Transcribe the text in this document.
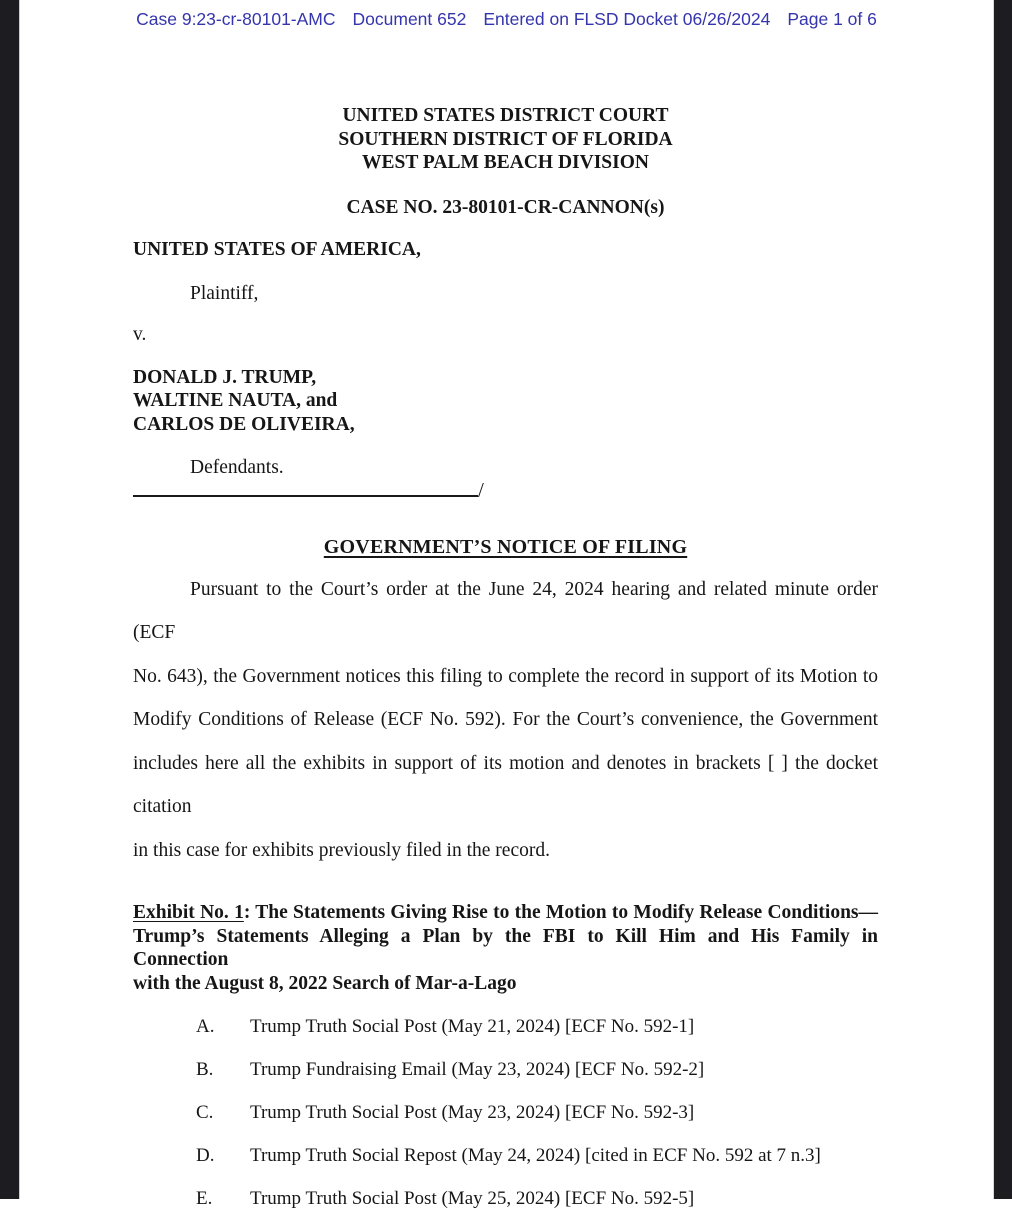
Case 9:23-cr-80101-AMC Document 652 Entered on FLSD Docket 06/26/2024 Page 1 of 6
UNITED STATES DISTRICT COURT
SOUTHERN DISTRICT OF FLORIDA
WEST PALM BEACH DIVISION
CASE NO. 23-80101-CR-CANNON(s)
UNITED STATES OF AMERICA,
Plaintiff,
v.
DONALD J. TRUMP,
WALTINE NAUTA, and
CARLOS DE OLIVEIRA,
Defendants.
/
GOVERNMENT’S NOTICE OF FILING
Pursuant to the Court’s order at the June 24, 2024 hearing and related minute order (ECF
No. 643), the Government notices this filing to complete the record in support of its Motion to
Modify Conditions of Release (ECF No. 592). For the Court’s convenience, the Government
includes here all the exhibits in support of its motion and denotes in brackets [ ] the docket citation
in this case for exhibits previously filed in the record.
Exhibit No. 1: The Statements Giving Rise to the Motion to Modify Release Conditions—
Trump’s Statements Alleging a Plan by the FBI to Kill Him and His Family in Connection
with the August 8, 2022 Search of Mar-a-Lago
A.	Trump Truth Social Post (May 21, 2024) [ECF No. 592-1]
B.	Trump Fundraising Email (May 23, 2024) [ECF No. 592-2]
C.	Trump Truth Social Post (May 23, 2024) [ECF No. 592-3]
D.	Trump Truth Social Repost (May 24, 2024) [cited in ECF No. 592 at 7 n.3]
E.	Trump Truth Social Post (May 25, 2024) [ECF No. 592-5]
